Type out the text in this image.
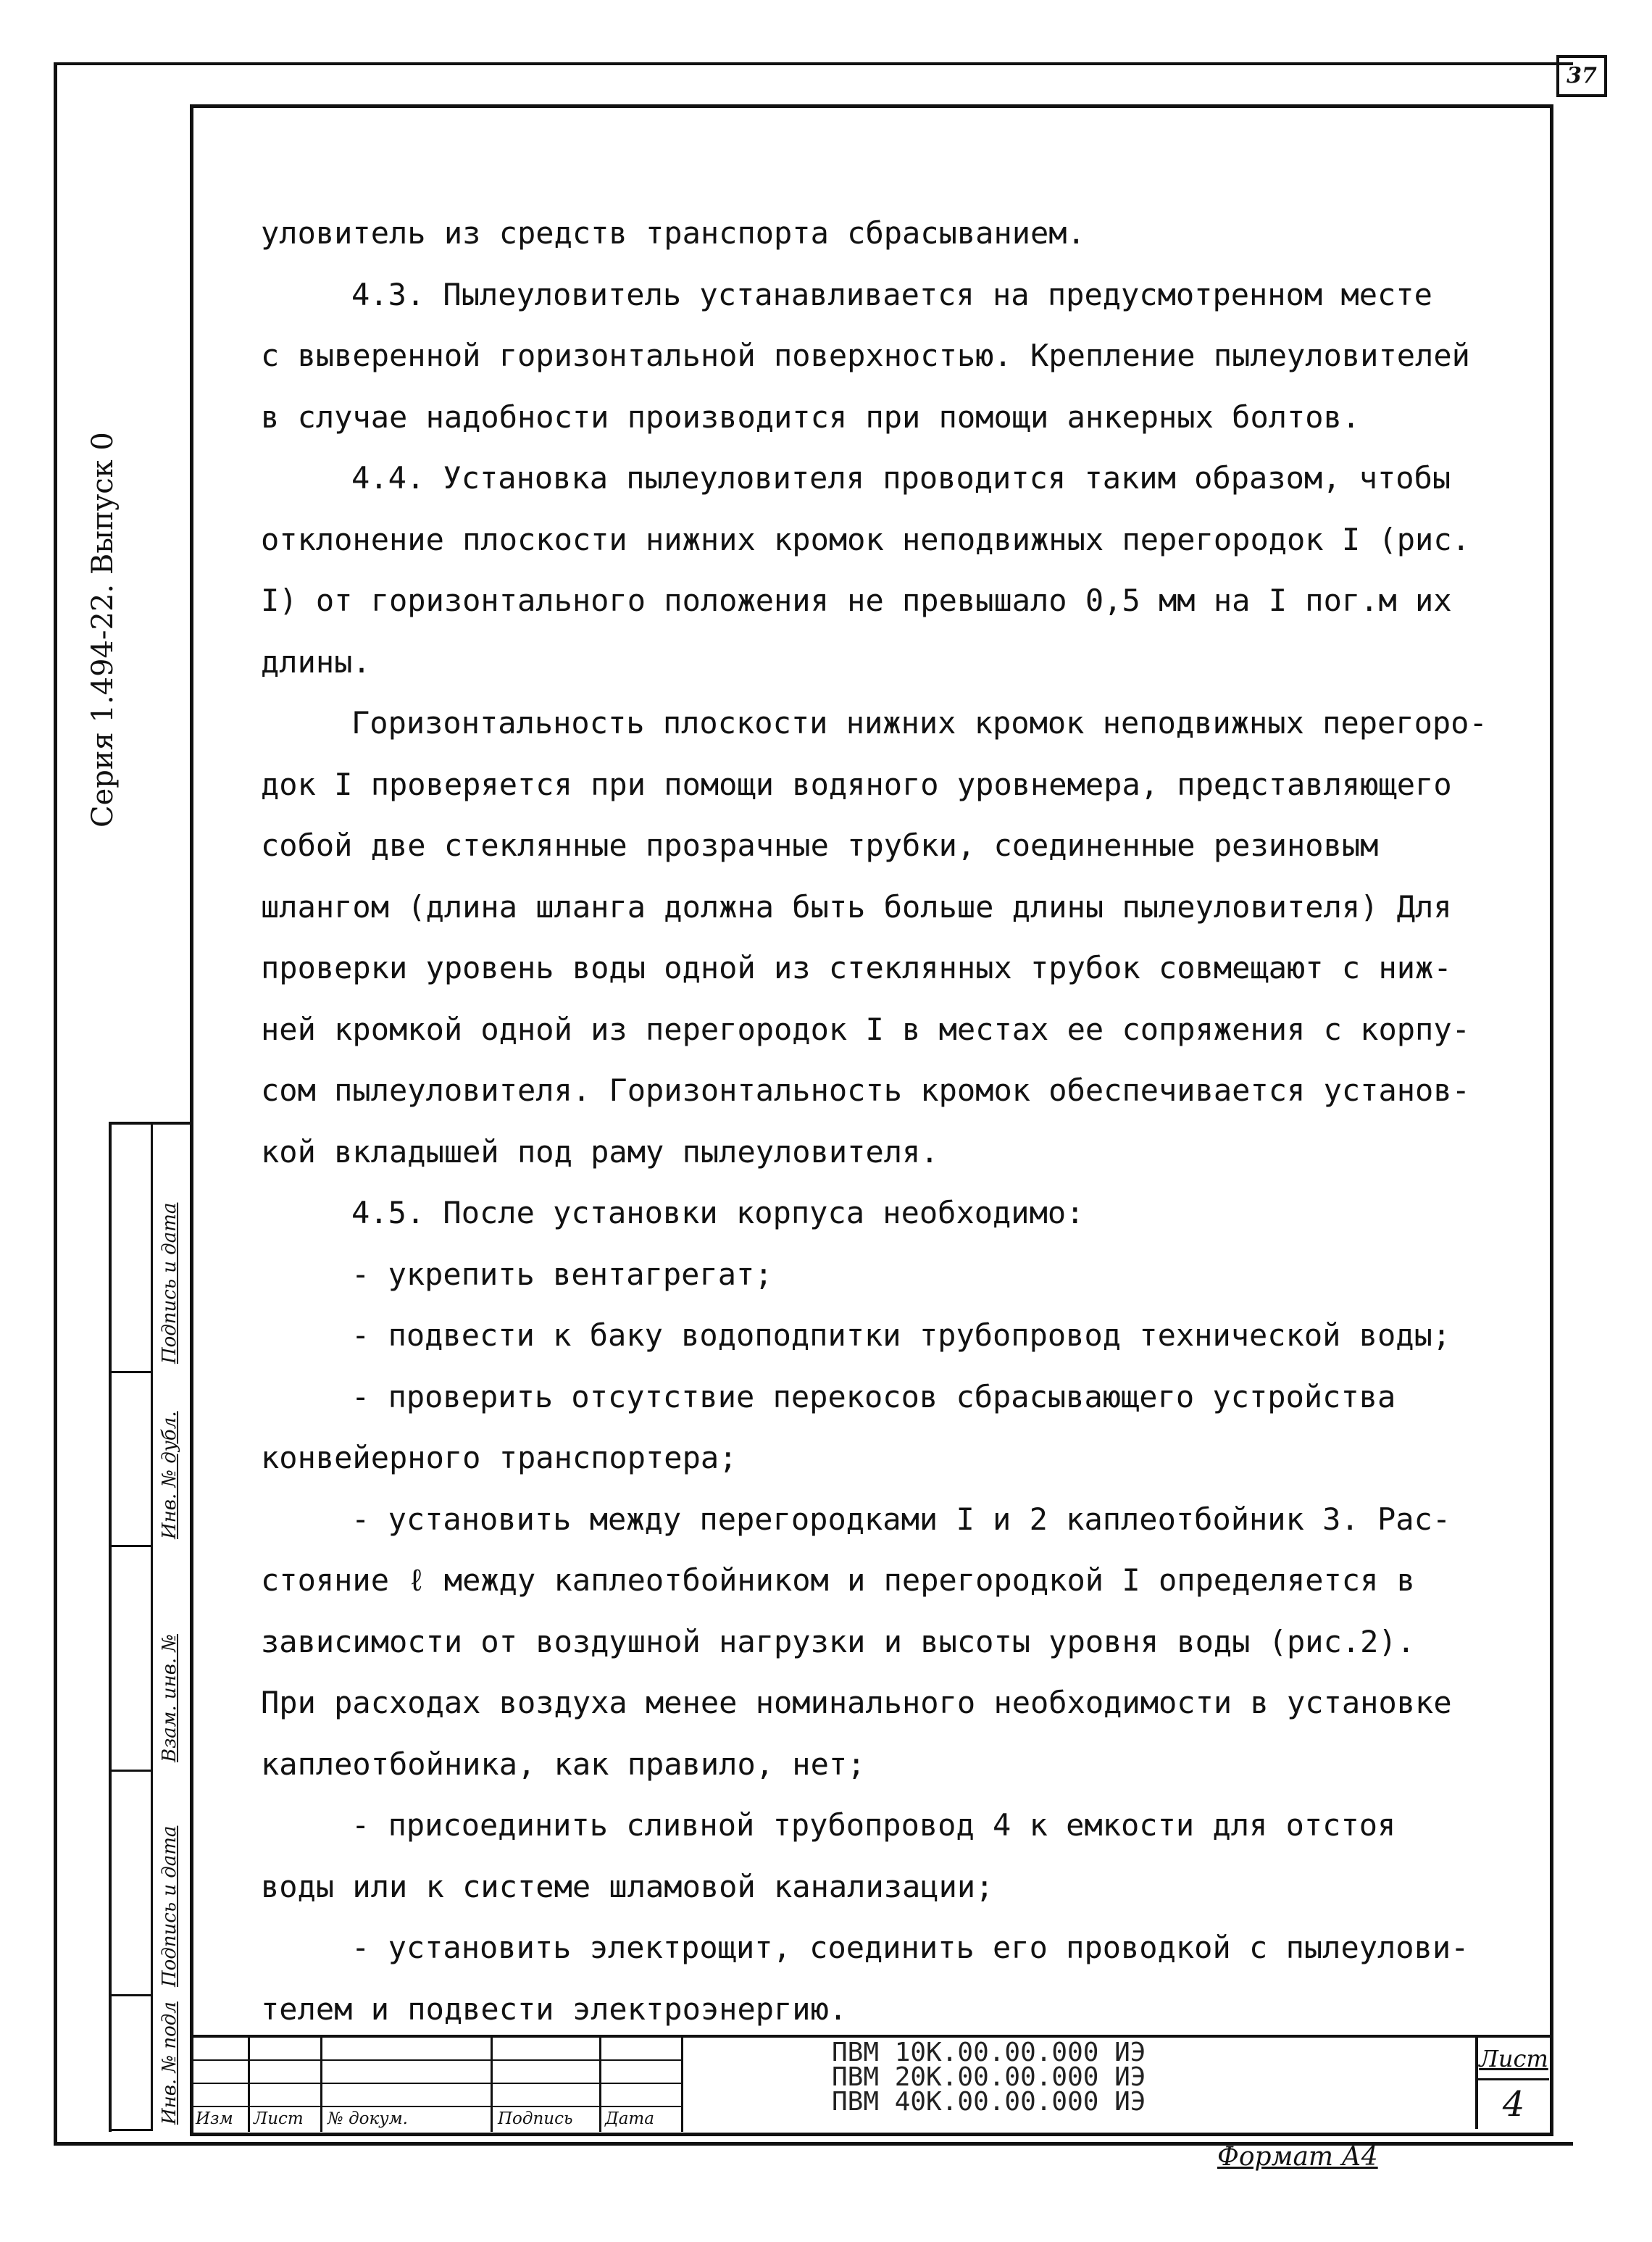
37
Серия 1.494-22. Выпуск 0
уловитель из средств транспорта сбрасыванием.
4.3. Пылеуловитель устанавливается на предусмотренном месте
с выверенной горизонтальной поверхностью. Крепление пылеуловителей
в случае надобности производится при помощи анкерных болтов.
4.4. Установка пылеуловителя проводится таким образом, чтобы
отклонение плоскости нижних кромок неподвижных перегородок I (рис.
I) от горизонтального положения не превышало 0,5 мм на I пог.м их
длины.
Горизонтальность плоскости нижних кромок неподвижных перегоро-
док I проверяется при помощи водяного уровнемера, представляющего
собой две стеклянные прозрачные трубки, соединенные резиновым
шлангом (длина шланга должна быть больше длины пылеуловителя) Для
проверки уровень воды одной из стеклянных трубок совмещают с ниж-
ней кромкой одной из перегородок I в местах ее сопряжения с корпу-
сом пылеуловителя. Горизонтальность кромок обеспечивается установ-
кой вкладышей под раму пылеуловителя.
4.5. После установки корпуса необходимо:
- укрепить вентагрегат;
- подвести к баку водоподпитки трубопровод технической воды;
- проверить отсутствие перекосов сбрасывающего устройства
конвейерного транспортера;
- установить между перегородками I и 2 каплеотбойник 3. Рас-
стояние ℓ между каплеотбойником и перегородкой I определяется в
зависимости от воздушной нагрузки и высоты уровня воды (рис.2).
При расходах воздуха менее номинального необходимости в установке
каплеотбойника, как правило, нет;
- присоединить сливной трубопровод 4 к емкости для отстоя
воды или к системе шламовой канализации;
- установить электрощит, соединить его проводкой с пылеулови-
телем и подвести электроэнергию.
Подпись и дата
Инв. № дубл.
Взам. инв. №
Подпись и дата
Инв. № подл Изм Лист № докум.	Подпись Дата
ПВМ 10К.00.00.000 ИЭ
ПВМ 20К.00.00.000 ИЭ
ПВМ 40К.00.00.000 ИЭ
Лист
4
Формат А4
